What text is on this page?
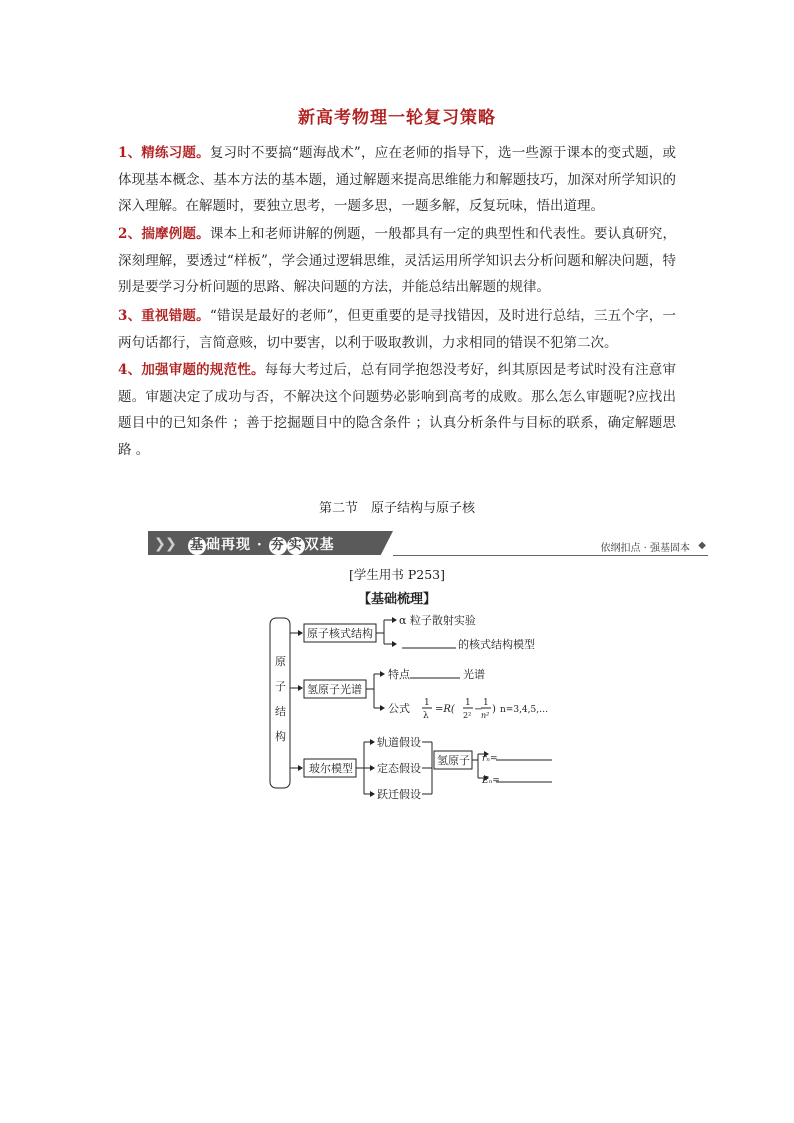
新高考物理一轮复习策略
1、精练习题。复习时不要搞“题海战术”，应在老师的指导下，选一些源于课本的变式题，或体现基本概念、基本方法的基本题，通过解题来提高思维能力和解题技巧，加深对所学知识的深入理解。在解题时，要独立思考，一题多思，一题多解，反复玩味，悟出道理。
2、揣摩例题。课本上和老师讲解的例题，一般都具有一定的典型性和代表性。要认真研究，深刻理解，要透过“样板”，学会通过逻辑思维，灵活运用所学知识去分析问题和解决问题，特别是要学习分析问题的思路、解决问题的方法，并能总结出解题的规律。
3、重视错题。“错误是最好的老师”，但更重要的是寻找错因，及时进行总结，三五个字，一两句话都行，言简意赅，切中要害，以利于吸取教训，力求相同的错误不犯第二次。
4、加强审题的规范性。每每大考过后，总有同学抱怨没考好，纠其原因是考试时没有注意审题。审题决定了成功与否，不解决这个问题势必影响到高考的成败。那么怎么审题呢?应找出题目中的已知条件 ；善于挖掘题目中的隐含条件 ；认真分析条件与目标的联系，确定解题思路 。
第二节　原子结构与原子核
❯ ❯ 基 础再现 · 夯 实 双基	依纲扣点 · 强基固本 ◆
[学生用书 P253]
【基础梳理】
原
子
结
构
原子核式结构
α 粒子散射实验
的核式结构模型
氢原子光谱
特点	光谱
公式 1
λ
=R(
1
2²
−
1
n²
) n=3,4,5,…
玻尔模型
轨道假设
定态假设
跃迁假设
氢原子 rₙ=
Eₙ=
